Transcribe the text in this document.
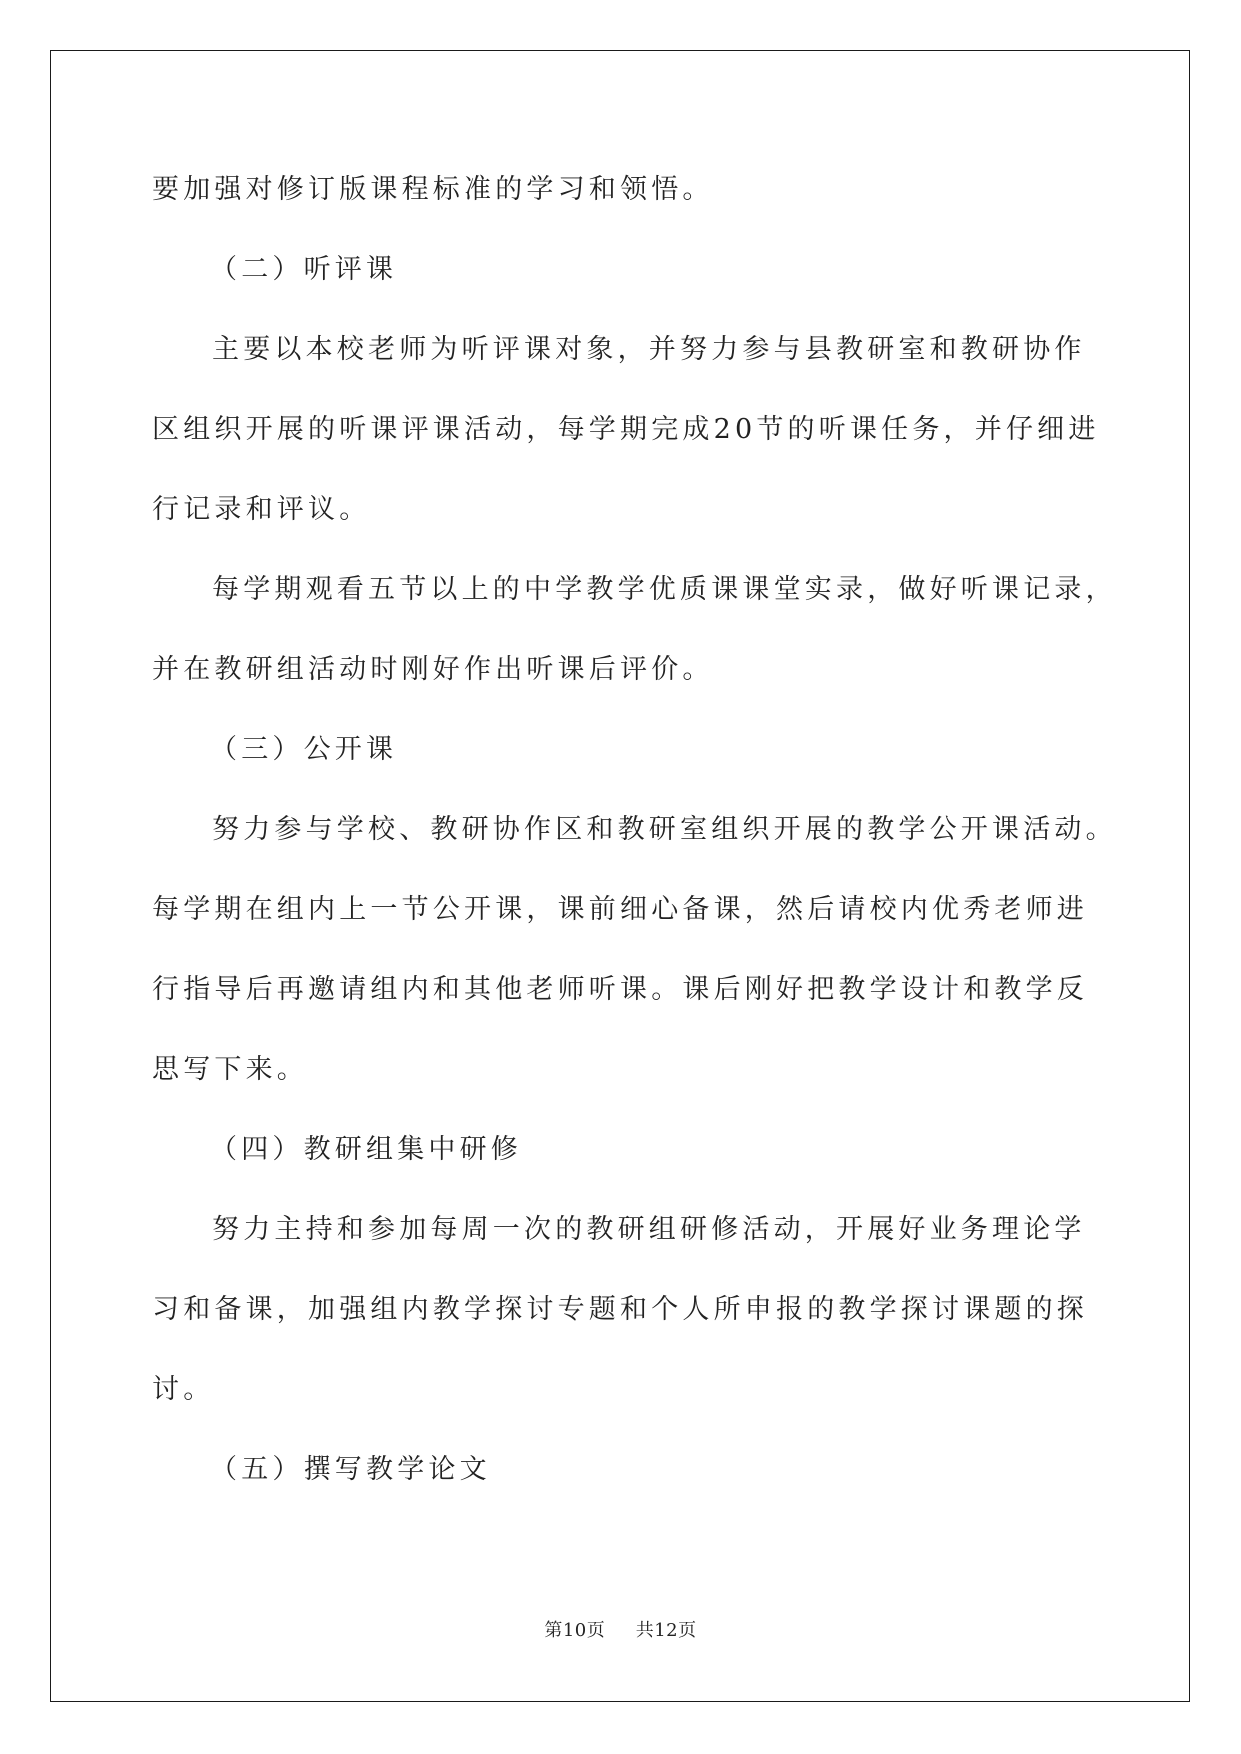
要加强对修订版课程标准的学习和领悟。
（二）听评课
主要以本校老师为听评课对象，并努力参与县教研室和教研协作
区组织开展的听课评课活动，每学期完成20节的听课任务，并仔细进
行记录和评议。
每学期观看五节以上的中学教学优质课课堂实录，做好听课记录，
并在教研组活动时刚好作出听课后评价。
（三）公开课
努力参与学校、教研协作区和教研室组织开展的教学公开课活动。
每学期在组内上一节公开课，课前细心备课，然后请校内优秀老师进
行指导后再邀请组内和其他老师听课。课后刚好把教学设计和教学反
思写下来。
（四）教研组集中研修
努力主持和参加每周一次的教研组研修活动，开展好业务理论学
习和备课，加强组内教学探讨专题和个人所申报的教学探讨课题的探
讨。
（五）撰写教学论文
第10页 共12页
